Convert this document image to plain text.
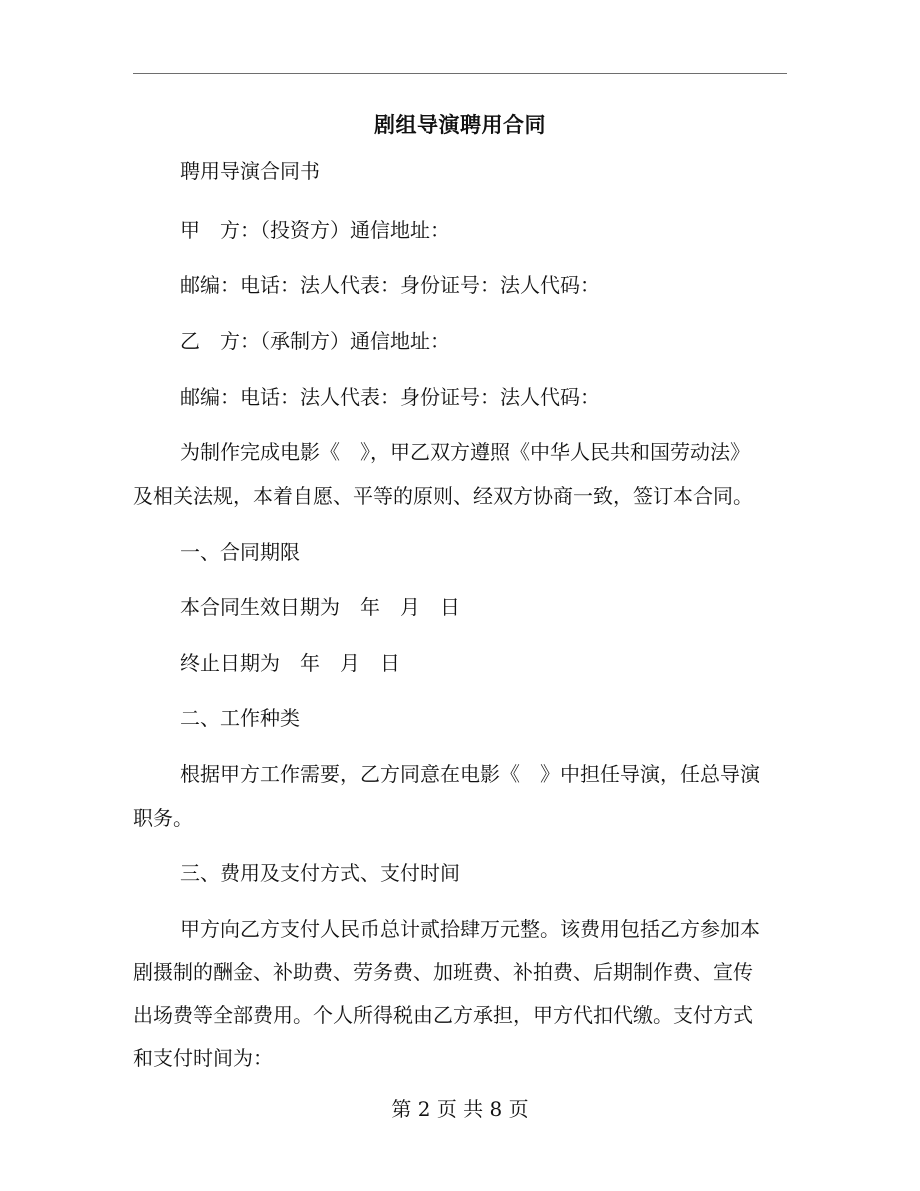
剧组导演聘用合同
聘用导演合同书
甲　方：（投资方）通信地址：
邮编：电话：法人代表：身份证号：法人代码：
乙　方：（承制方）通信地址：
邮编：电话：法人代表：身份证号：法人代码：
为制作完成电影《　》，甲乙双方遵照《中华人民共和国劳动法》
及相关法规，本着自愿、平等的原则、经双方协商一致，签订本合同。
一、合同期限
本合同生效日期为　年　月　日
终止日期为　年　月　日
二、工作种类
根据甲方工作需要，乙方同意在电影《　》中担任导演，任总导演
职务。
三、费用及支付方式、支付时间
甲方向乙方支付人民币总计贰拾肆万元整。该费用包括乙方参加本
剧摄制的酬金、补助费、劳务费、加班费、补拍费、后期制作费、宣传
出场费等全部费用。个人所得税由乙方承担，甲方代扣代缴。支付方式
和支付时间为：
第 2 页 共 8 页
